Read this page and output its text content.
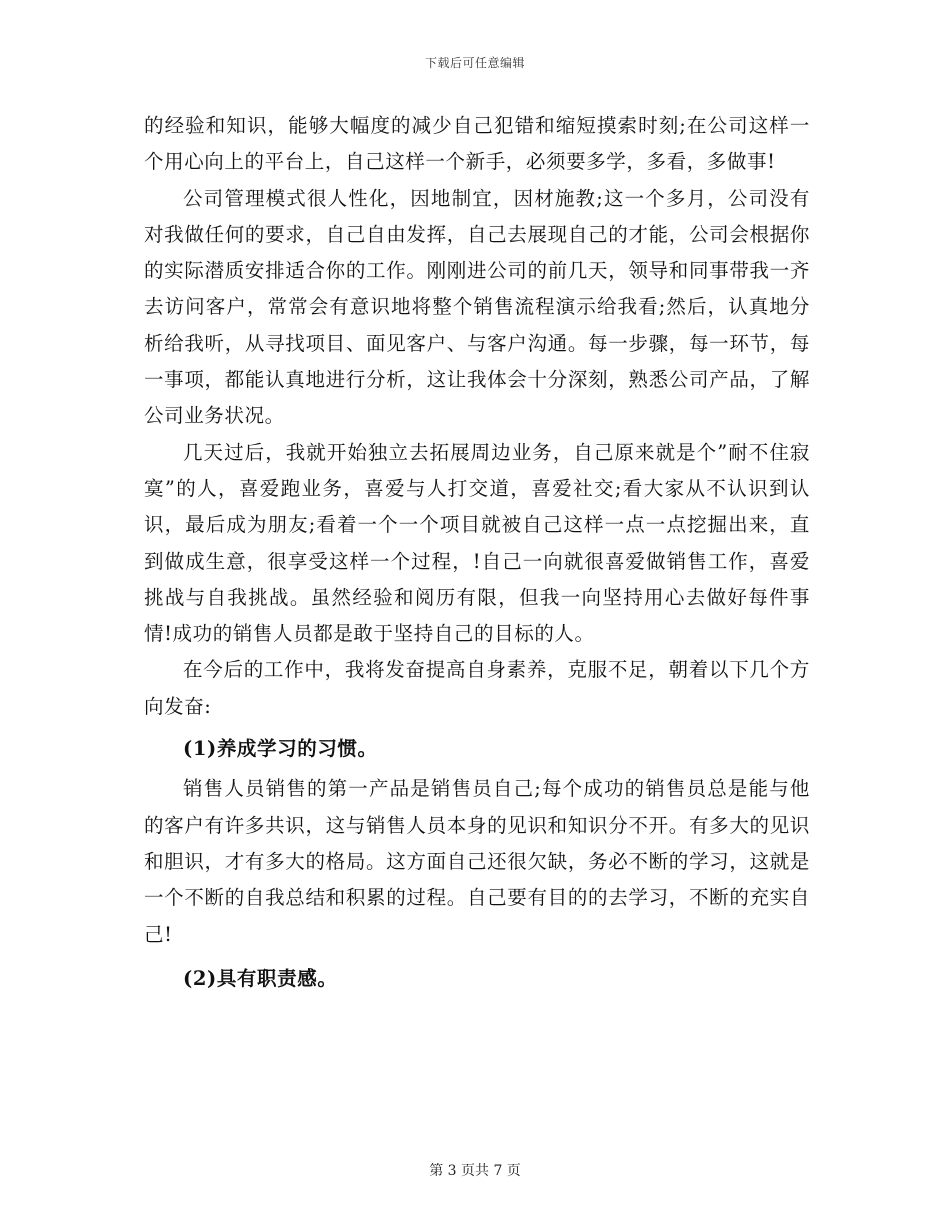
下载后可任意编辑

的经验和知识，能够大幅度的减少自己犯错和缩短摸索时刻;在公司这样一个用心向上的平台上，自己这样一个新手，必须要多学，多看，多做事!

公司管理模式很人性化，因地制宜，因材施教;这一个多月，公司没有对我做任何的要求，自己自由发挥，自己去展现自己的才能，公司会根据你的实际潜质安排适合你的工作。刚刚进公司的前几天，领导和同事带我一齐去访问客户，常常会有意识地将整个销售流程演示给我看;然后，认真地分析给我听，从寻找项目、面见客户、与客户沟通。每一步骤，每一环节，每一事项，都能认真地进行分析，这让我体会十分深刻，熟悉公司产品，了解公司业务状况。

几天过后，我就开始独立去拓展周边业务，自己原来就是个”耐不住寂寞”的人，喜爱跑业务，喜爱与人打交道，喜爱社交;看大家从不认识到认识，最后成为朋友;看着一个一个项目就被自己这样一点一点挖掘出来，直到做成生意，很享受这样一个过程，!自己一向就很喜爱做销售工作，喜爱挑战与自我挑战。虽然经验和阅历有限，但我一向坚持用心去做好每件事情!成功的销售人员都是敢于坚持自己的目标的人。

在今后的工作中，我将发奋提高自身素养，克服不足，朝着以下几个方向发奋:

(1)养成学习的习惯。

销售人员销售的第一产品是销售员自己;每个成功的销售员总是能与他的客户有许多共识，这与销售人员本身的见识和知识分不开。有多大的见识和胆识，才有多大的格局。这方面自己还很欠缺，务必不断的学习，这就是一个不断的自我总结和积累的过程。自己要有目的的去学习，不断的充实自己!

(2)具有职责感。

第 3 页共 7 页
